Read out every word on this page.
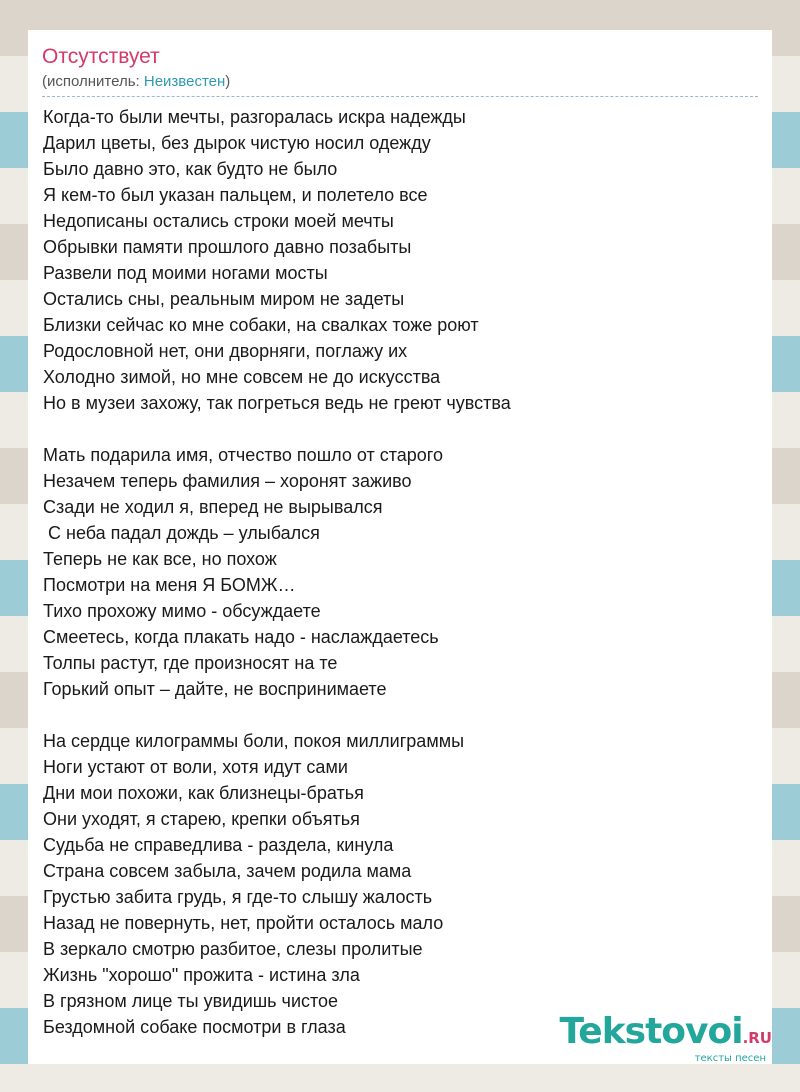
Отсутствует
(исполнитель: Неизвестен)
Когда-то были мечты, разгоралась искра надежды
Дарил цветы, без дырок чистую носил одежду
Было давно это, как будто не было
Я кем-то был указан пальцем, и полетело все
Недописаны остались строки моей мечты
Обрывки памяти прошлого давно позабыты
Развели под моими ногами мосты
Остались сны, реальным миром не задеты
Близки сейчас ко мне собаки, на свалках тоже роют
Родословной нет, они дворняги, поглажу их
Холодно зимой, но мне совсем не до искусства
Но в музеи захожу, так погреться ведь не греют чувства
Мать подарила имя, отчество пошло от старого
Незачем теперь фамилия – хоронят заживо
Сзади не ходил я, вперед не вырывался
С неба падал дождь – улыбался
Теперь не как все, но похож
Посмотри на меня Я БОМЖ…
Тихо прохожу мимо - обсуждаете
Смеетесь, когда плакать надо - наслаждаетесь
Толпы растут, где произносят на те
Горький опыт – дайте, не воспринимаете
На сердце килограммы боли, покоя миллиграммы
Ноги устают от воли, хотя идут сами
Дни мои похожи, как близнецы-братья
Они уходят, я старею, крепки объятья
Судьба не справедлива - раздела, кинула
Страна совсем забыла, зачем родила мама
Грустью забита грудь, я где-то слышу жалость
Назад не повернуть, нет, пройти осталось мало
В зеркало смотрю разбитое, слезы пролитые
Жизнь "хорошо" прожита - истина зла
В грязном лице ты увидишь чистое
Бездомной собаке посмотри в глаза	Tekstovoi.RU
тексты песен
